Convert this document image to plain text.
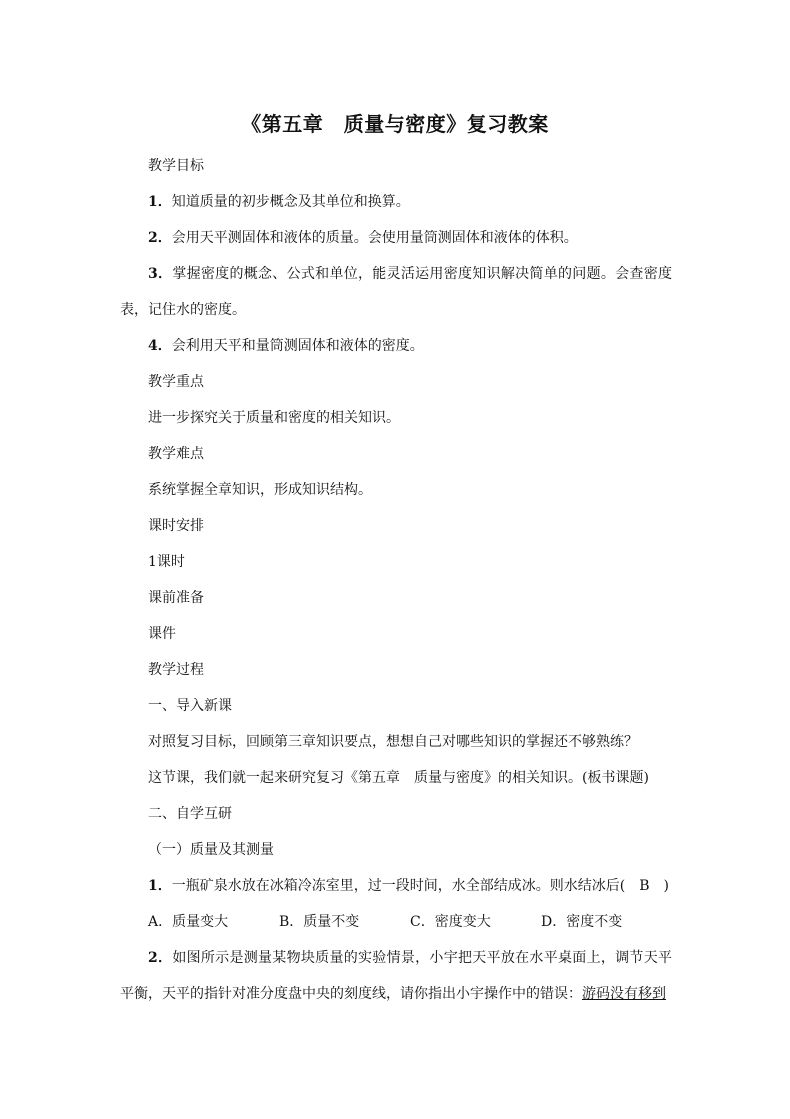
《第五章　质量与密度》复习教案

教学目标

1．知道质量的初步概念及其单位和换算。

2．会用天平测固体和液体的质量。会使用量筒测固体和液体的体积。

3．掌握密度的概念、公式和单位，能灵活运用密度知识解决简单的问题。会查密度表，记住水的密度。

4．会利用天平和量筒测固体和液体的密度。

教学重点

进一步探究关于质量和密度的相关知识。

教学难点

系统掌握全章知识，形成知识结构。

课时安排

1课时

课前准备

课件

教学过程

一、导入新课

对照复习目标，回顾第三章知识要点，想想自己对哪些知识的掌握还不够熟练？

这节课，我们就一起来研究复习《第五章　质量与密度》的相关知识。(板书课题)

二、自学互研

（一）质量及其测量

1．一瓶矿泉水放在冰箱冷冻室里，过一段时间，水全部结成冰。则水结冰后(　B　)

A．质量变大	B．质量不变	C．密度变大	D．密度不变

2．如图所示是测量某物块质量的实验情景，小宇把天平放在水平桌面上，调节天平平衡，天平的指针对准分度盘中央的刻度线，请你指出小宇操作中的错误：游码没有移到
